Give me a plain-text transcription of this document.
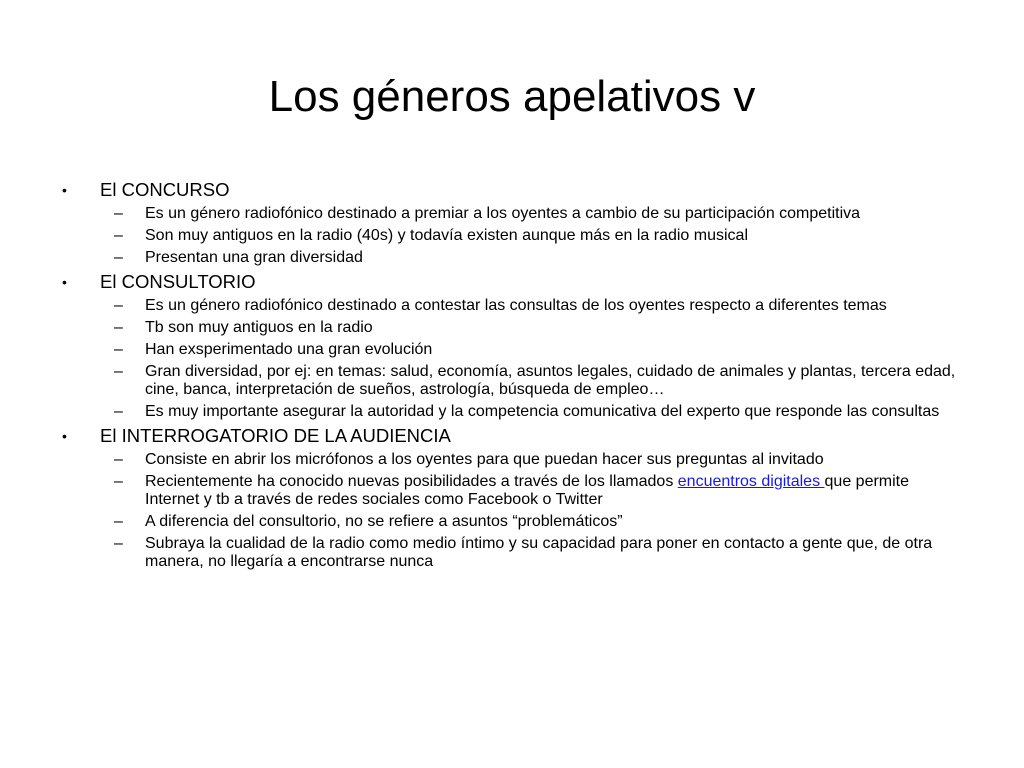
Los géneros apelativos v
• El CONCURSO
– Es un género radiofónico destinado a premiar a los oyentes a cambio de su participación competitiva
– Son muy antiguos en la radio (40s) y todavía existen aunque más en la radio musical
– Presentan una gran diversidad
• El CONSULTORIO
– Es un género radiofónico destinado a contestar las consultas de los oyentes respecto a diferentes temas
– Tb son muy antiguos en la radio
– Han exsperimentado una gran evolución
– Gran diversidad, por ej: en temas: salud, economía, asuntos legales, cuidado de animales y plantas, tercera edad, cine, banca, interpretación de sueños, astrología, búsqueda de empleo…
– Es muy importante asegurar la autoridad y la competencia comunicativa del experto que responde las consultas
• El INTERROGATORIO DE LA AUDIENCIA
– Consiste en abrir los micrófonos a los oyentes para que puedan hacer sus preguntas al invitado
– Recientemente ha conocido nuevas posibilidades a través de los llamados encuentros digitales que permite Internet y tb a través de redes sociales como Facebook o Twitter
– A diferencia del consultorio, no se refiere a asuntos “problemáticos”
– Subraya la cualidad de la radio como medio íntimo y su capacidad para poner en contacto a gente que, de otra manera, no llegaría a encontrarse nunca
